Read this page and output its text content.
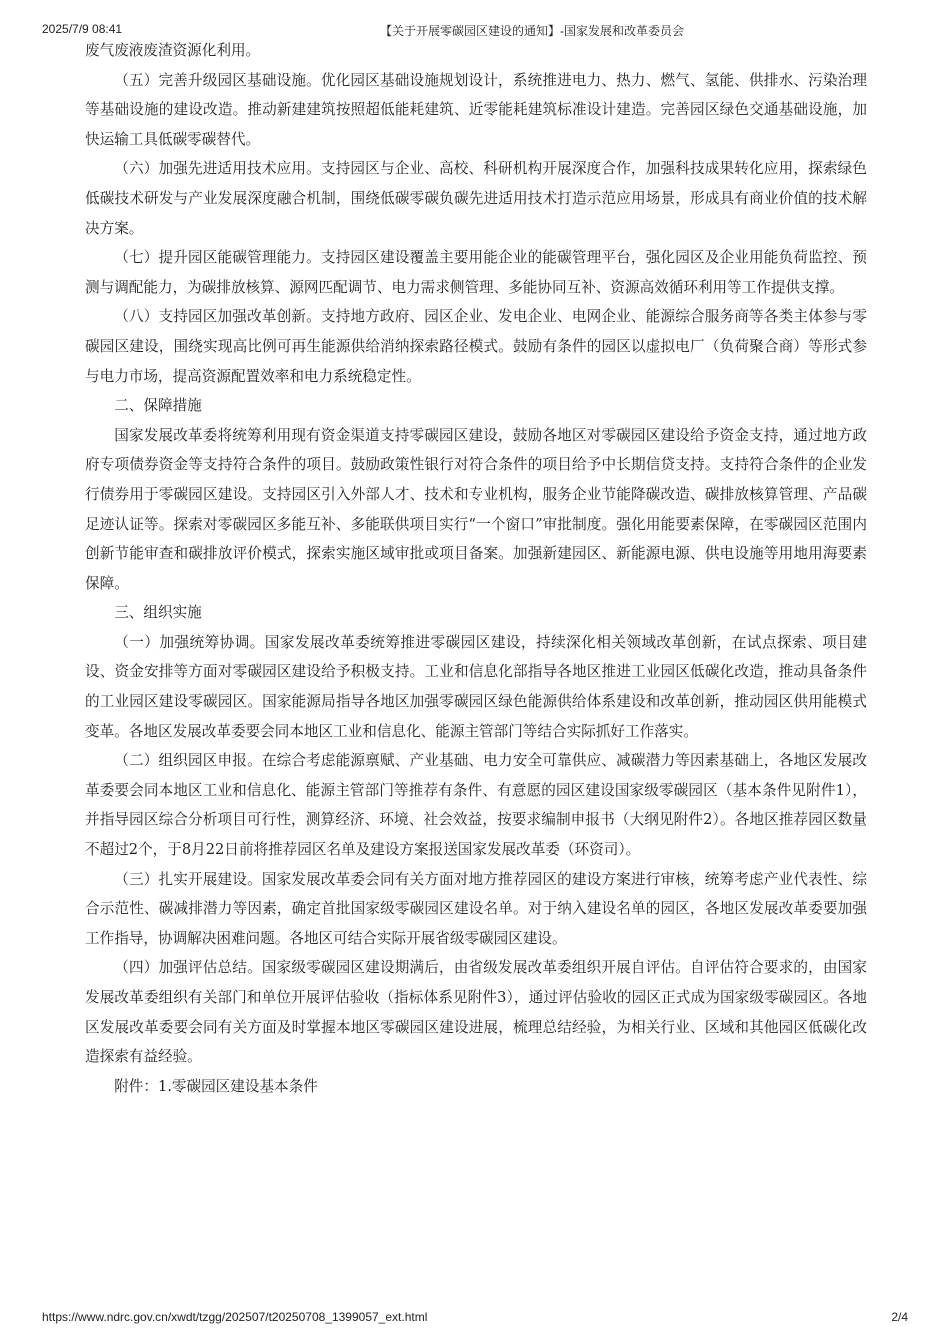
2025/7/9 08:41	【关于开展零碳园区建设的通知】-国家发展和改革委员会

废气废液废渣资源化利用。

（五）完善升级园区基础设施。优化园区基础设施规划设计，系统推进电力、热力、燃气、氢能、供排水、污染治理等基础设施的建设改造。推动新建建筑按照超低能耗建筑、近零能耗建筑标准设计建造。完善园区绿色交通基础设施，加快运输工具低碳零碳替代。

（六）加强先进适用技术应用。支持园区与企业、高校、科研机构开展深度合作，加强科技成果转化应用，探索绿色低碳技术研发与产业发展深度融合机制，围绕低碳零碳负碳先进适用技术打造示范应用场景，形成具有商业价值的技术解决方案。

（七）提升园区能碳管理能力。支持园区建设覆盖主要用能企业的能碳管理平台，强化园区及企业用能负荷监控、预测与调配能力，为碳排放核算、源网匹配调节、电力需求侧管理、多能协同互补、资源高效循环利用等工作提供支撑。

（八）支持园区加强改革创新。支持地方政府、园区企业、发电企业、电网企业、能源综合服务商等各类主体参与零碳园区建设，围绕实现高比例可再生能源供给消纳探索路径模式。鼓励有条件的园区以虚拟电厂（负荷聚合商）等形式参与电力市场，提高资源配置效率和电力系统稳定性。

二、保障措施

国家发展改革委将统筹利用现有资金渠道支持零碳园区建设，鼓励各地区对零碳园区建设给予资金支持，通过地方政府专项债券资金等支持符合条件的项目。鼓励政策性银行对符合条件的项目给予中长期信贷支持。支持符合条件的企业发行债券用于零碳园区建设。支持园区引入外部人才、技术和专业机构，服务企业节能降碳改造、碳排放核算管理、产品碳足迹认证等。探索对零碳园区多能互补、多能联供项目实行“一个窗口”审批制度。强化用能要素保障，在零碳园区范围内创新节能审查和碳排放评价模式，探索实施区域审批或项目备案。加强新建园区、新能源电源、供电设施等用地用海要素保障。

三、组织实施

（一）加强统筹协调。国家发展改革委统筹推进零碳园区建设，持续深化相关领域改革创新，在试点探索、项目建设、资金安排等方面对零碳园区建设给予积极支持。工业和信息化部指导各地区推进工业园区低碳化改造，推动具备条件的工业园区建设零碳园区。国家能源局指导各地区加强零碳园区绿色能源供给体系建设和改革创新，推动园区供用能模式变革。各地区发展改革委要会同本地区工业和信息化、能源主管部门等结合实际抓好工作落实。

（二）组织园区申报。在综合考虑能源禀赋、产业基础、电力安全可靠供应、减碳潜力等因素基础上，各地区发展改革委要会同本地区工业和信息化、能源主管部门等推荐有条件、有意愿的园区建设国家级零碳园区（基本条件见附件1），并指导园区综合分析项目可行性，测算经济、环境、社会效益，按要求编制申报书（大纲见附件2）。各地区推荐园区数量不超过2个，于8月22日前将推荐园区名单及建设方案报送国家发展改革委（环资司）。

（三）扎实开展建设。国家发展改革委会同有关方面对地方推荐园区的建设方案进行审核，统筹考虑产业代表性、综合示范性、碳减排潜力等因素，确定首批国家级零碳园区建设名单。对于纳入建设名单的园区，各地区发展改革委要加强工作指导，协调解决困难问题。各地区可结合实际开展省级零碳园区建设。

（四）加强评估总结。国家级零碳园区建设期满后，由省级发展改革委组织开展自评估。自评估符合要求的，由国家发展改革委组织有关部门和单位开展评估验收（指标体系见附件3），通过评估验收的园区正式成为国家级零碳园区。各地区发展改革委要会同有关方面及时掌握本地区零碳园区建设进展，梳理总结经验，为相关行业、区域和其他园区低碳化改造探索有益经验。

附件：1.零碳园区建设基本条件

https://www.ndrc.gov.cn/xwdt/tzgg/202507/t20250708_1399057_ext.html	2/4
